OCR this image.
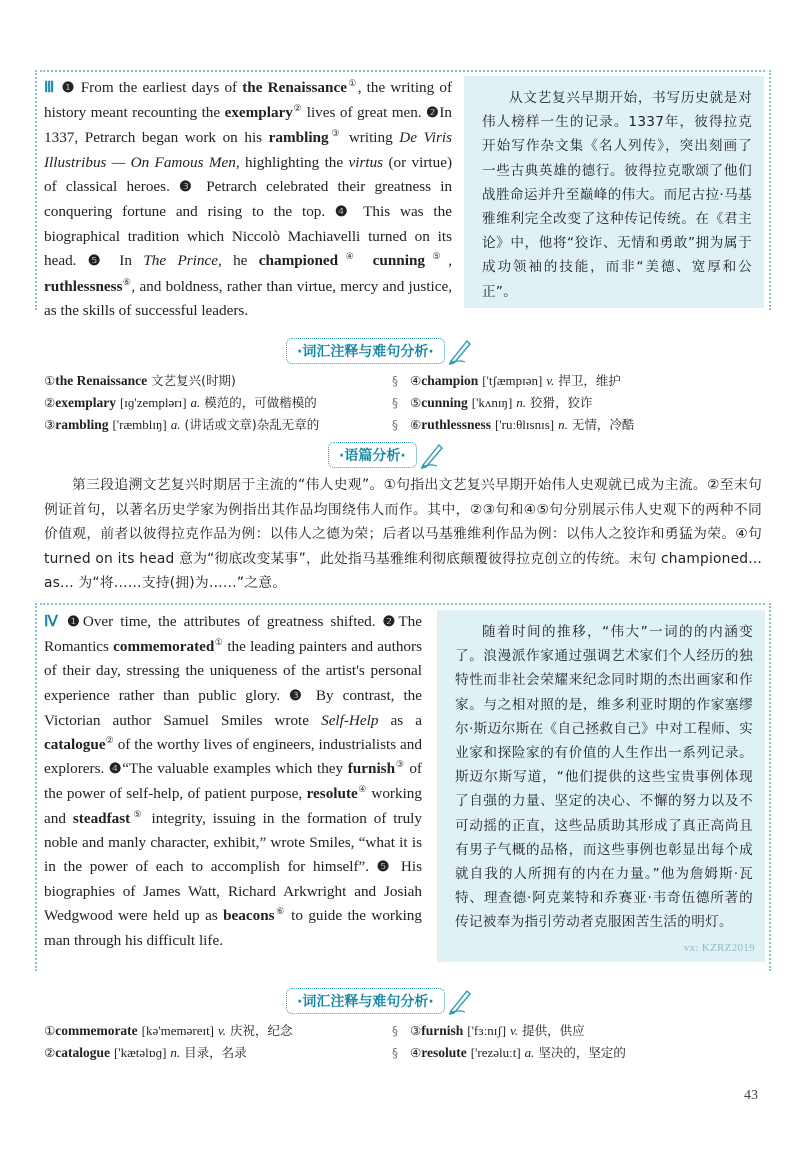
Ⅲ ❶ From the earliest days of the Renaissance①, the writing of history meant recounting the exemplary② lives of great men. ❷In 1337, Petrarch began work on his rambling③ writing De Viris Illustribus — On Famous Men, highlighting the virtus (or virtue) of classical heroes. ❸ Petrarch celebrated their greatness in conquering fortune and rising to the top. ❹ This was the biographical tradition which Niccolò Machiavelli turned on its head. ❺ In The Prince, he championed④ cunning⑤, ruthlessness⑥, and boldness, rather than virtue, mercy and justice, as the skills of successful leaders.

从文艺复兴早期开始，书写历史就是对伟人榜样一生的记录。1337年，彼得拉克开始写作杂文集《名人列传》，突出刻画了一些古典英雄的德行。彼得拉克歌颂了他们战胜命运并升至巅峰的伟大。而尼古拉·马基雅维利完全改变了这种传记传统。在《君主论》中，他将“狡诈、无情和勇敢”拥为属于成功领袖的技能，而非“美德、宽厚和公正”。

·词汇注释与难句分析·
①the Renaissance 文艺复兴(时期)
②exemplary [ɪɡ'zemplərɪ] a. 模范的，可做楷模的
③rambling ['ræmblɪŋ] a. (讲话或文章)杂乱无章的
§
§
§
④champion ['tʃæmpɪən] v. 捍卫，维护
⑤cunning ['kʌnɪŋ] n. 狡猾，狡诈
⑥ruthlessness ['ruːθlɪsnɪs] n. 无情，冷酷
·语篇分析·

第三段追溯文艺复兴时期居于主流的“伟人史观”。①句指出文艺复兴早期开始伟人史观就已成为主流。②至末句例证首句，以著名历史学家为例指出其作品均围绕伟人而作。其中，②③句和④⑤句分别展示伟人史观下的两种不同价值观，前者以彼得拉克作品为例：以伟人之德为荣；后者以马基雅维利作品为例：以伟人之狡诈和勇猛为荣。④句 turned on its head 意为“彻底改变某事”，此处指马基雅维利彻底颠覆彼得拉克创立的传统。末句 championed... as... 为“将……支持(拥)为……”之意。

Ⅳ ❶Over time, the attributes of greatness shifted. ❷The Romantics commemorated① the leading painters and authors of their day, stressing the uniqueness of the artist's personal experience rather than public glory. ❸ By contrast, the Victorian author Samuel Smiles wrote Self-Help as a catalogue② of the worthy lives of engineers, industrialists and explorers. ❹“The valuable examples which they furnish③ of the power of self-help, of patient purpose, resolute④ working and steadfast⑤ integrity, issuing in the formation of truly noble and manly character, exhibit,” wrote Smiles, “what it is in the power of each to accomplish for himself”. ❺ His biographies of James Watt, Richard Arkwright and Josiah Wedgwood were held up as beacons⑥ to guide the working man through his difficult life.

随着时间的推移，“伟大”一词的的内涵变了。浪漫派作家通过强调艺术家们个人经历的独特性而非社会荣耀来纪念同时期的杰出画家和作家。与之相对照的是，维多利亚时期的作家塞缪尔·斯迈尔斯在《自己拯救自己》中对工程师、实业家和探险家的有价值的人生作出一系列记录。斯迈尔斯写道，“他们提供的这些宝贵事例体现了自强的力量、坚定的决心、不懈的努力以及不可动摇的正直，这些品质助其形成了真正高尚且有男子气概的品格，而这些事例也彰显出每个成就自我的人所拥有的内在力量。”他为詹姆斯·瓦特、理查德·阿克莱特和乔赛亚·韦奇伍德所著的传记被奉为指引劳动者克服困苦生活的明灯。

vx: KZRZ2019
·词汇注释与难句分析·
①commemorate [kə'meməreɪt] v. 庆祝，纪念
②catalogue ['kætəlɒɡ] n. 目录，名录
§
§
③furnish ['fɜːnɪʃ] v. 提供，供应
④resolute ['rezəluːt] a. 坚决的，坚定的
43
